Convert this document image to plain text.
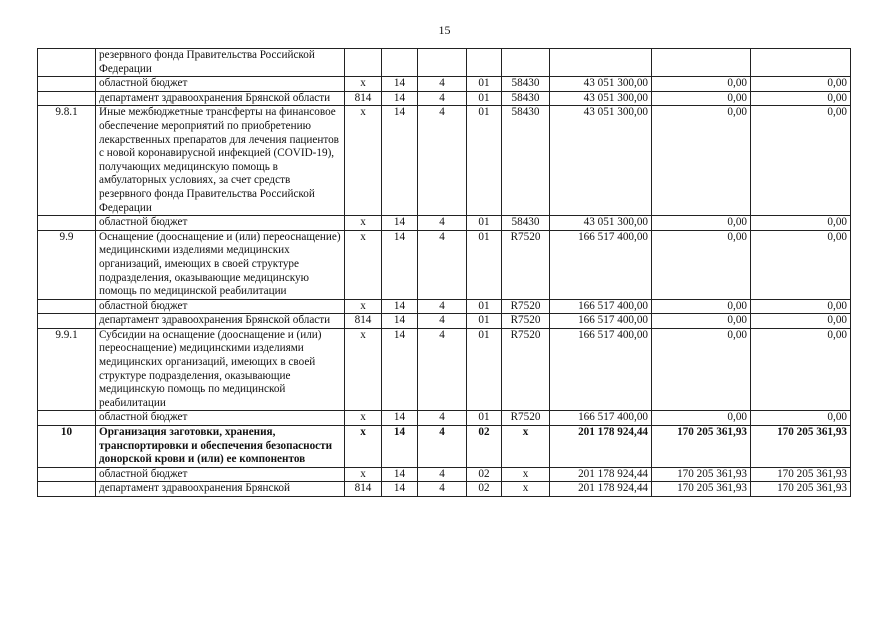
15
	резервного фонда Правительства Российской Федерации								
	областной бюджет	х	14	4	01	58430	43 051 300,00	0,00	0,00
	департамент здравоохранения Брянской области	814	14	4	01	58430	43 051 300,00	0,00	0,00
9.8.1	Иные межбюджетные трансферты на финансовое обеспечение мероприятий по приобретению лекарственных препаратов для лечения пациентов с новой коронавирусной инфекцией (COVID-19), получающих медицинскую помощь в амбулаторных условиях, за счет средств резервного фонда Правительства Российской Федерации	х	14	4	01	58430	43 051 300,00	0,00	0,00
	областной бюджет	х	14	4	01	58430	43 051 300,00	0,00	0,00
9.9	Оснащение (дооснащение и (или) переоснащение) медицинскими изделиями медицинских организаций, имеющих в своей структуре подразделения, оказывающие медицинскую помощь по медицинской реабилитации	х	14	4	01	R7520	166 517 400,00	0,00	0,00
	областной бюджет	х	14	4	01	R7520	166 517 400,00	0,00	0,00
	департамент здравоохранения Брянской области	814	14	4	01	R7520	166 517 400,00	0,00	0,00
9.9.1	Субсидии на оснащение (дооснащение и (или) переоснащение) медицинскими изделиями медицинских организаций, имеющих в своей структуре подразделения, оказывающие медицинскую помощь по медицинской реабилитации	х	14	4	01	R7520	166 517 400,00	0,00	0,00
	областной бюджет	х	14	4	01	R7520	166 517 400,00	0,00	0,00
10	Организация заготовки, хранения, транспортировки и обеспечения безопасности донорской крови и (или) ее компонентов	х	14	4	02	х	201 178 924,44	170 205 361,93	170 205 361,93
	областной бюджет	х	14	4	02	х	201 178 924,44	170 205 361,93	170 205 361,93
	департамент здравоохранения Брянской	814	14	4	02	х	201 178 924,44	170 205 361,93	170 205 361,93
